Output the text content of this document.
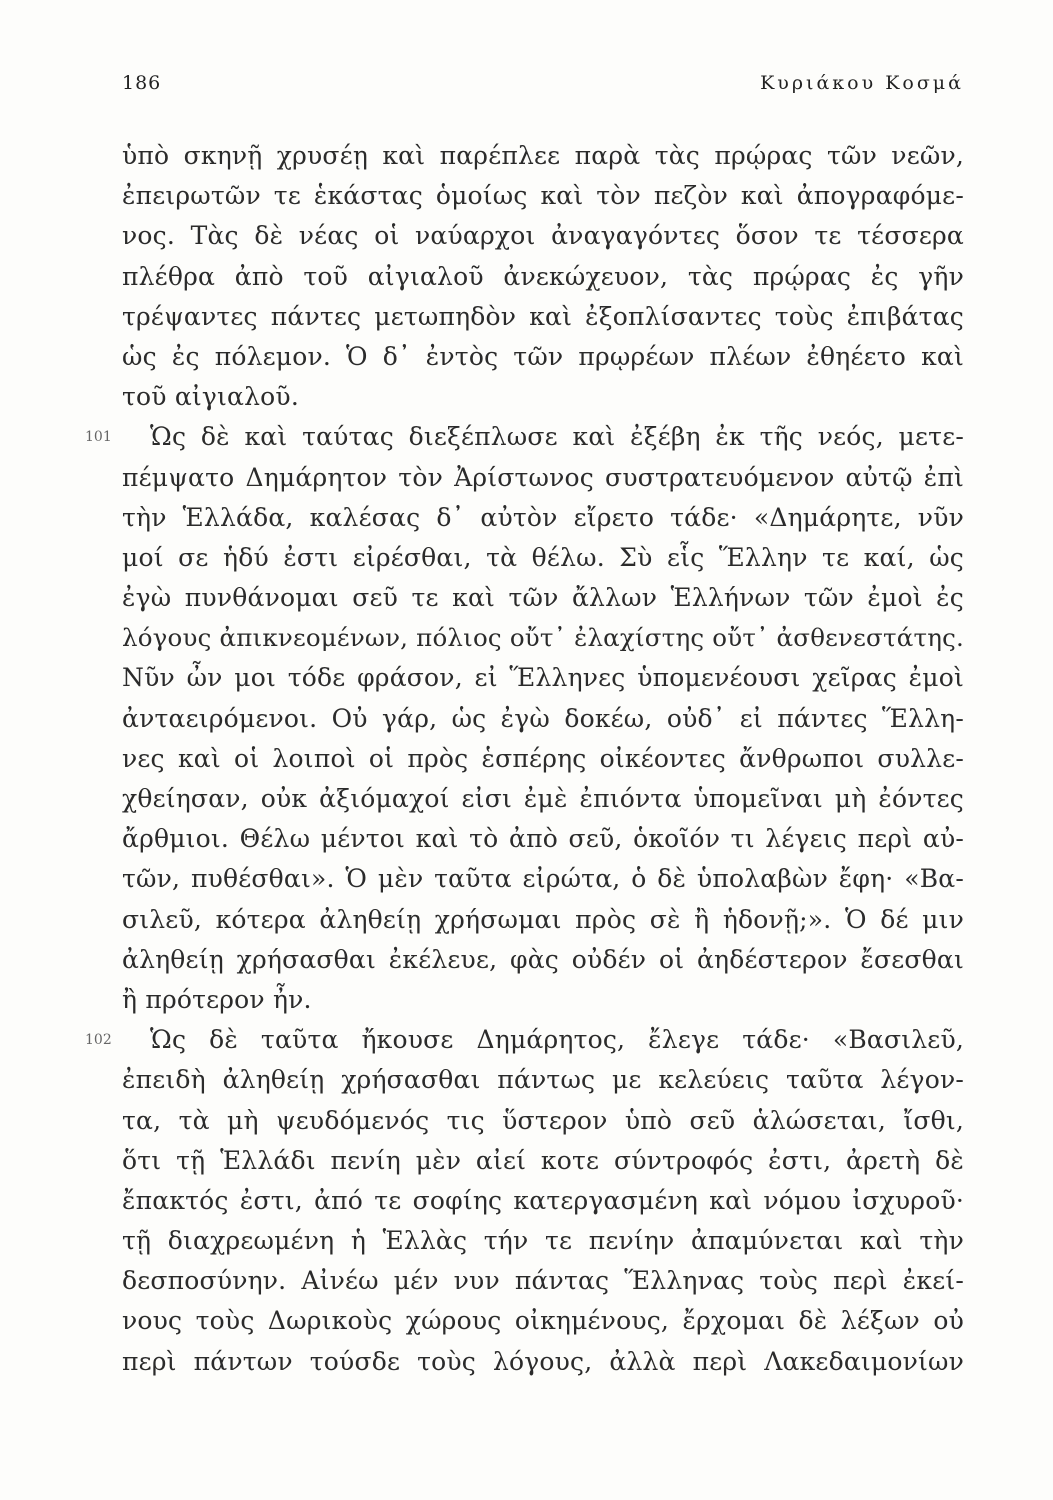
186	Κυριάκου Κοσμά
ὑπὸ σκηνῇ χρυσέῃ καὶ παρέπλεε παρὰ τὰς πρῴρας τῶν νεῶν,
ἐπειρωτῶν τε ἑκάστας ὁμοίως καὶ τὸν πεζὸν καὶ ἀπογραφόμε-
νος. Τὰς δὲ νέας οἱ ναύαρχοι ἀναγαγόντες ὅσον τε τέσσερα
πλέθρα ἀπὸ τοῦ αἰγιαλοῦ ἀνεκώχευον, τὰς πρῴρας ἐς γῆν
τρέψαντες πάντες μετωπηδὸν καὶ ἐξοπλίσαντες τοὺς ἐπιβάτας
ὡς ἐς πόλεμον. Ὁ δ᾽ ἐντὸς τῶν πρῳρέων πλέων ἐθηέετο καὶ
τοῦ αἰγιαλοῦ.
101 Ὡς δὲ καὶ ταύτας διεξέπλωσε καὶ ἐξέβη ἐκ τῆς νεός, μετε-
πέμψατο Δημάρητον τὸν Ἀρίστωνος συστρατευόμενον αὐτῷ ἐπὶ
τὴν Ἑλλάδα, καλέσας δ᾽ αὐτὸν εἴρετο τάδε· «Δημάρητε, νῦν
μοί σε ἡδύ ἐστι εἰρέσθαι, τὰ θέλω. Σὺ εἷς Ἕλλην τε καί, ὡς
ἐγὼ πυνθάνομαι σεῦ τε καὶ τῶν ἄλλων Ἑλλήνων τῶν ἐμοὶ ἐς
λόγους ἀπικνεομένων, πόλιος οὔτ᾽ ἐλαχίστης οὔτ᾽ ἀσθενεστάτης.
Νῦν ὦν μοι τόδε φράσον, εἰ Ἕλληνες ὑπομενέουσι χεῖρας ἐμοὶ
ἀνταειρόμενοι. Οὐ γάρ, ὡς ἐγὼ δοκέω, οὐδ᾽ εἰ πάντες Ἕλλη-
νες καὶ οἱ λοιποὶ οἱ πρὸς ἑσπέρης οἰκέοντες ἄνθρωποι συλλε-
χθείησαν, οὐκ ἀξιόμαχοί εἰσι ἐμὲ ἐπιόντα ὑπομεῖναι μὴ ἐόντες
ἄρθμιοι. Θέλω μέντοι καὶ τὸ ἀπὸ σεῦ, ὁκοῖόν τι λέγεις περὶ αὐ-
τῶν, πυθέσθαι». Ὁ μὲν ταῦτα εἰρώτα, ὁ δὲ ὑπολαβὼν ἔφη· «Βα-
σιλεῦ, κότερα ἀληθείῃ χρήσωμαι πρὸς σὲ ἢ ἡδονῇ;». Ὁ δέ μιν
ἀληθείῃ χρήσασθαι ἐκέλευε, φὰς οὐδέν οἱ ἀηδέστερον ἔσεσθαι
ἢ πρότερον ἦν.
102 Ὡς δὲ ταῦτα ἤκουσε Δημάρητος, ἔλεγε τάδε· «Βασιλεῦ,
ἐπειδὴ ἀληθείῃ χρήσασθαι πάντως με κελεύεις ταῦτα λέγον-
τα, τὰ μὴ ψευδόμενός τις ὕστερον ὑπὸ σεῦ ἁλώσεται, ἴσθι,
ὅτι τῇ Ἑλλάδι πενίη μὲν αἰεί κοτε σύντροφός ἐστι, ἀρετὴ δὲ
ἔπακτός ἐστι, ἀπό τε σοφίης κατεργασμένη καὶ νόμου ἰσχυροῦ·
τῇ διαχρεωμένη ἡ Ἑλλὰς τήν τε πενίην ἀπαμύνεται καὶ τὴν
δεσποσύνην. Αἰνέω μέν νυν πάντας Ἕλληνας τοὺς περὶ ἐκεί-
νους τοὺς Δωρικοὺς χώρους οἰκημένους, ἔρχομαι δὲ λέξων οὐ
περὶ πάντων τούσδε τοὺς λόγους, ἀλλὰ περὶ Λακεδαιμονίων
